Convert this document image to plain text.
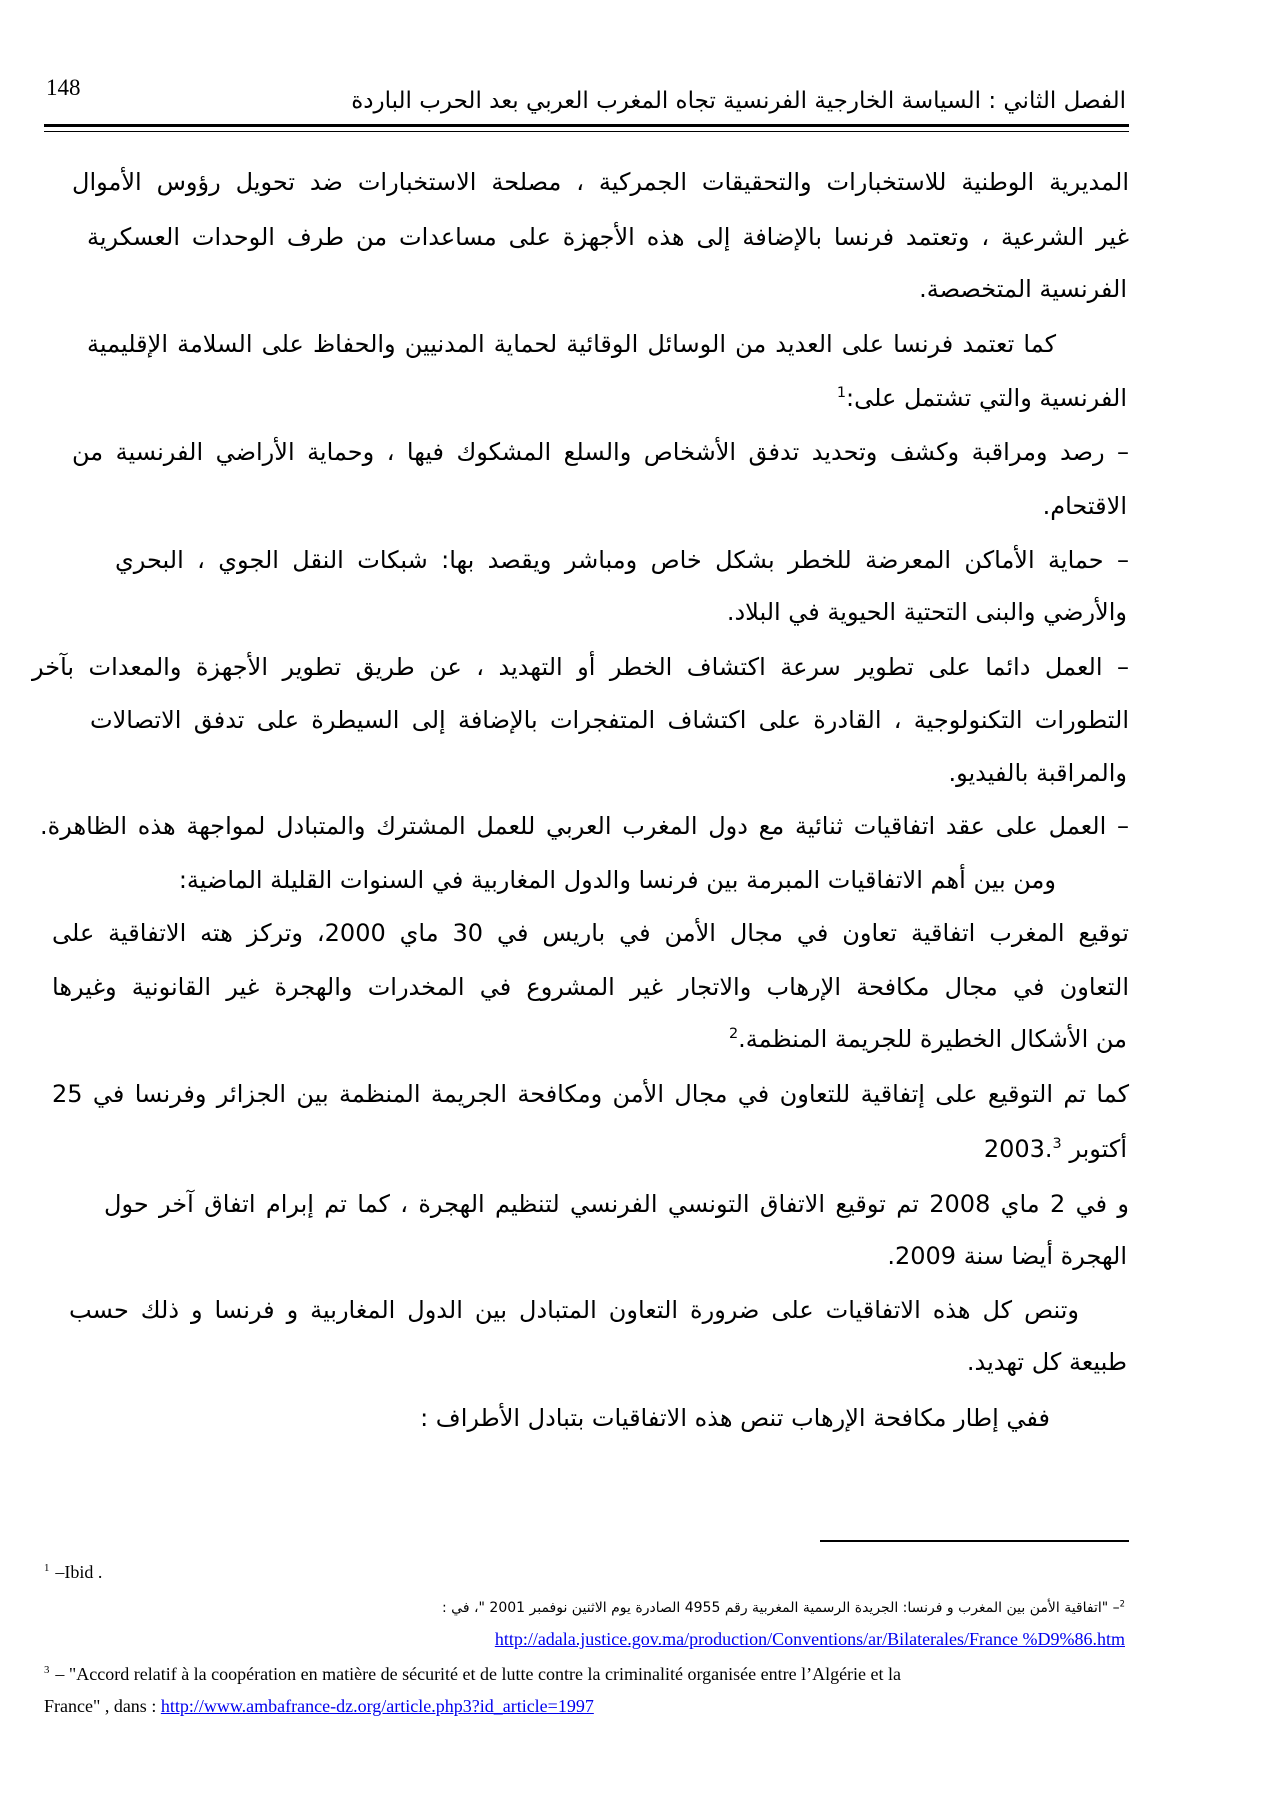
148
الفصل الثاني : السياسة الخارجية الفرنسية تجاه المغرب العربي بعد الحرب الباردة
المديرية الوطنية للاستخبارات والتحقيقات الجمركية ، مصلحة الاستخبارات ضد تحويل رؤوس الأموال
غير الشرعية ، وتعتمد فرنسا بالإضافة إلى هذه الأجهزة على مساعدات من طرف الوحدات العسكرية
الفرنسية المتخصصة.
كما تعتمد فرنسا على العديد من الوسائل الوقائية لحماية المدنيين والحفاظ على السلامة الإقليمية
الفرنسية والتي تشتمل على:$^1$
– رصد ومراقبة وكشف وتحديد تدفق الأشخاص والسلع المشكوك فيها ، وحماية الأراضي الفرنسية من
الاقتحام.
– حماية الأماكن المعرضة للخطر بشكل خاص ومباشر ويقصد بها: شبكات النقل الجوي ، البحري
والأرضي والبنى التحتية الحيوية في البلاد.
– العمل دائما على تطوير سرعة اكتشاف الخطر أو التهديد ، عن طريق تطوير الأجهزة والمعدات بآخر
التطورات التكنولوجية ، القادرة على اكتشاف المتفجرات بالإضافة إلى السيطرة على تدفق الاتصالات
والمراقبة بالفيديو.
– العمل على عقد اتفاقيات ثنائية مع دول المغرب العربي للعمل المشترك والمتبادل لمواجهة هذه الظاهرة.
ومن بين أهم الاتفاقيات المبرمة بين فرنسا والدول المغاربية في السنوات القليلة الماضية:
توقيع المغرب اتفاقية تعاون في مجال الأمن في باريس في 30 ماي 2000، وتركز هته الاتفاقية على
التعاون في مجال مكافحة الإرهاب والاتجار غير المشروع في المخدرات والهجرة غير القانونية وغيرها
من الأشكال الخطيرة للجريمة المنظمة.$^2$
كما تم التوقيع على إتفاقية للتعاون في مجال الأمن ومكافحة الجريمة المنظمة بين الجزائر وفرنسا في 25
أكتوبر 2003.$^3$
و في 2 ماي 2008 تم توقيع الاتفاق التونسي الفرنسي لتنظيم الهجرة ، كما تم إبرام اتفاق آخر حول
الهجرة أيضا سنة 2009.
وتنص كل هذه الاتفاقيات على ضرورة التعاون المتبادل بين الدول المغاربية و فرنسا و ذلك حسب
طبيعة كل تهديد.
ففي إطار مكافحة الإرهاب تنص هذه الاتفاقيات بتبادل الأطراف :
$^1$ –Ibid .
$^2$– "اتفاقية الأمن بين المغرب و فرنسا: الجريدة الرسمية المغربية رقم 4955 الصادرة يوم الاثنين نوفمبر 2001 "، في :
http://adala.justice.gov.ma/production/Conventions/ar/Bilaterales/France %D9%86.htm
$^3$ – "Accord relatif à la coopération en matière de sécurité et de lutte contre la criminalité organisée entre l’Algérie et la
France" , dans : http://www.ambafrance-dz.org/article.php3?id_article=1997
